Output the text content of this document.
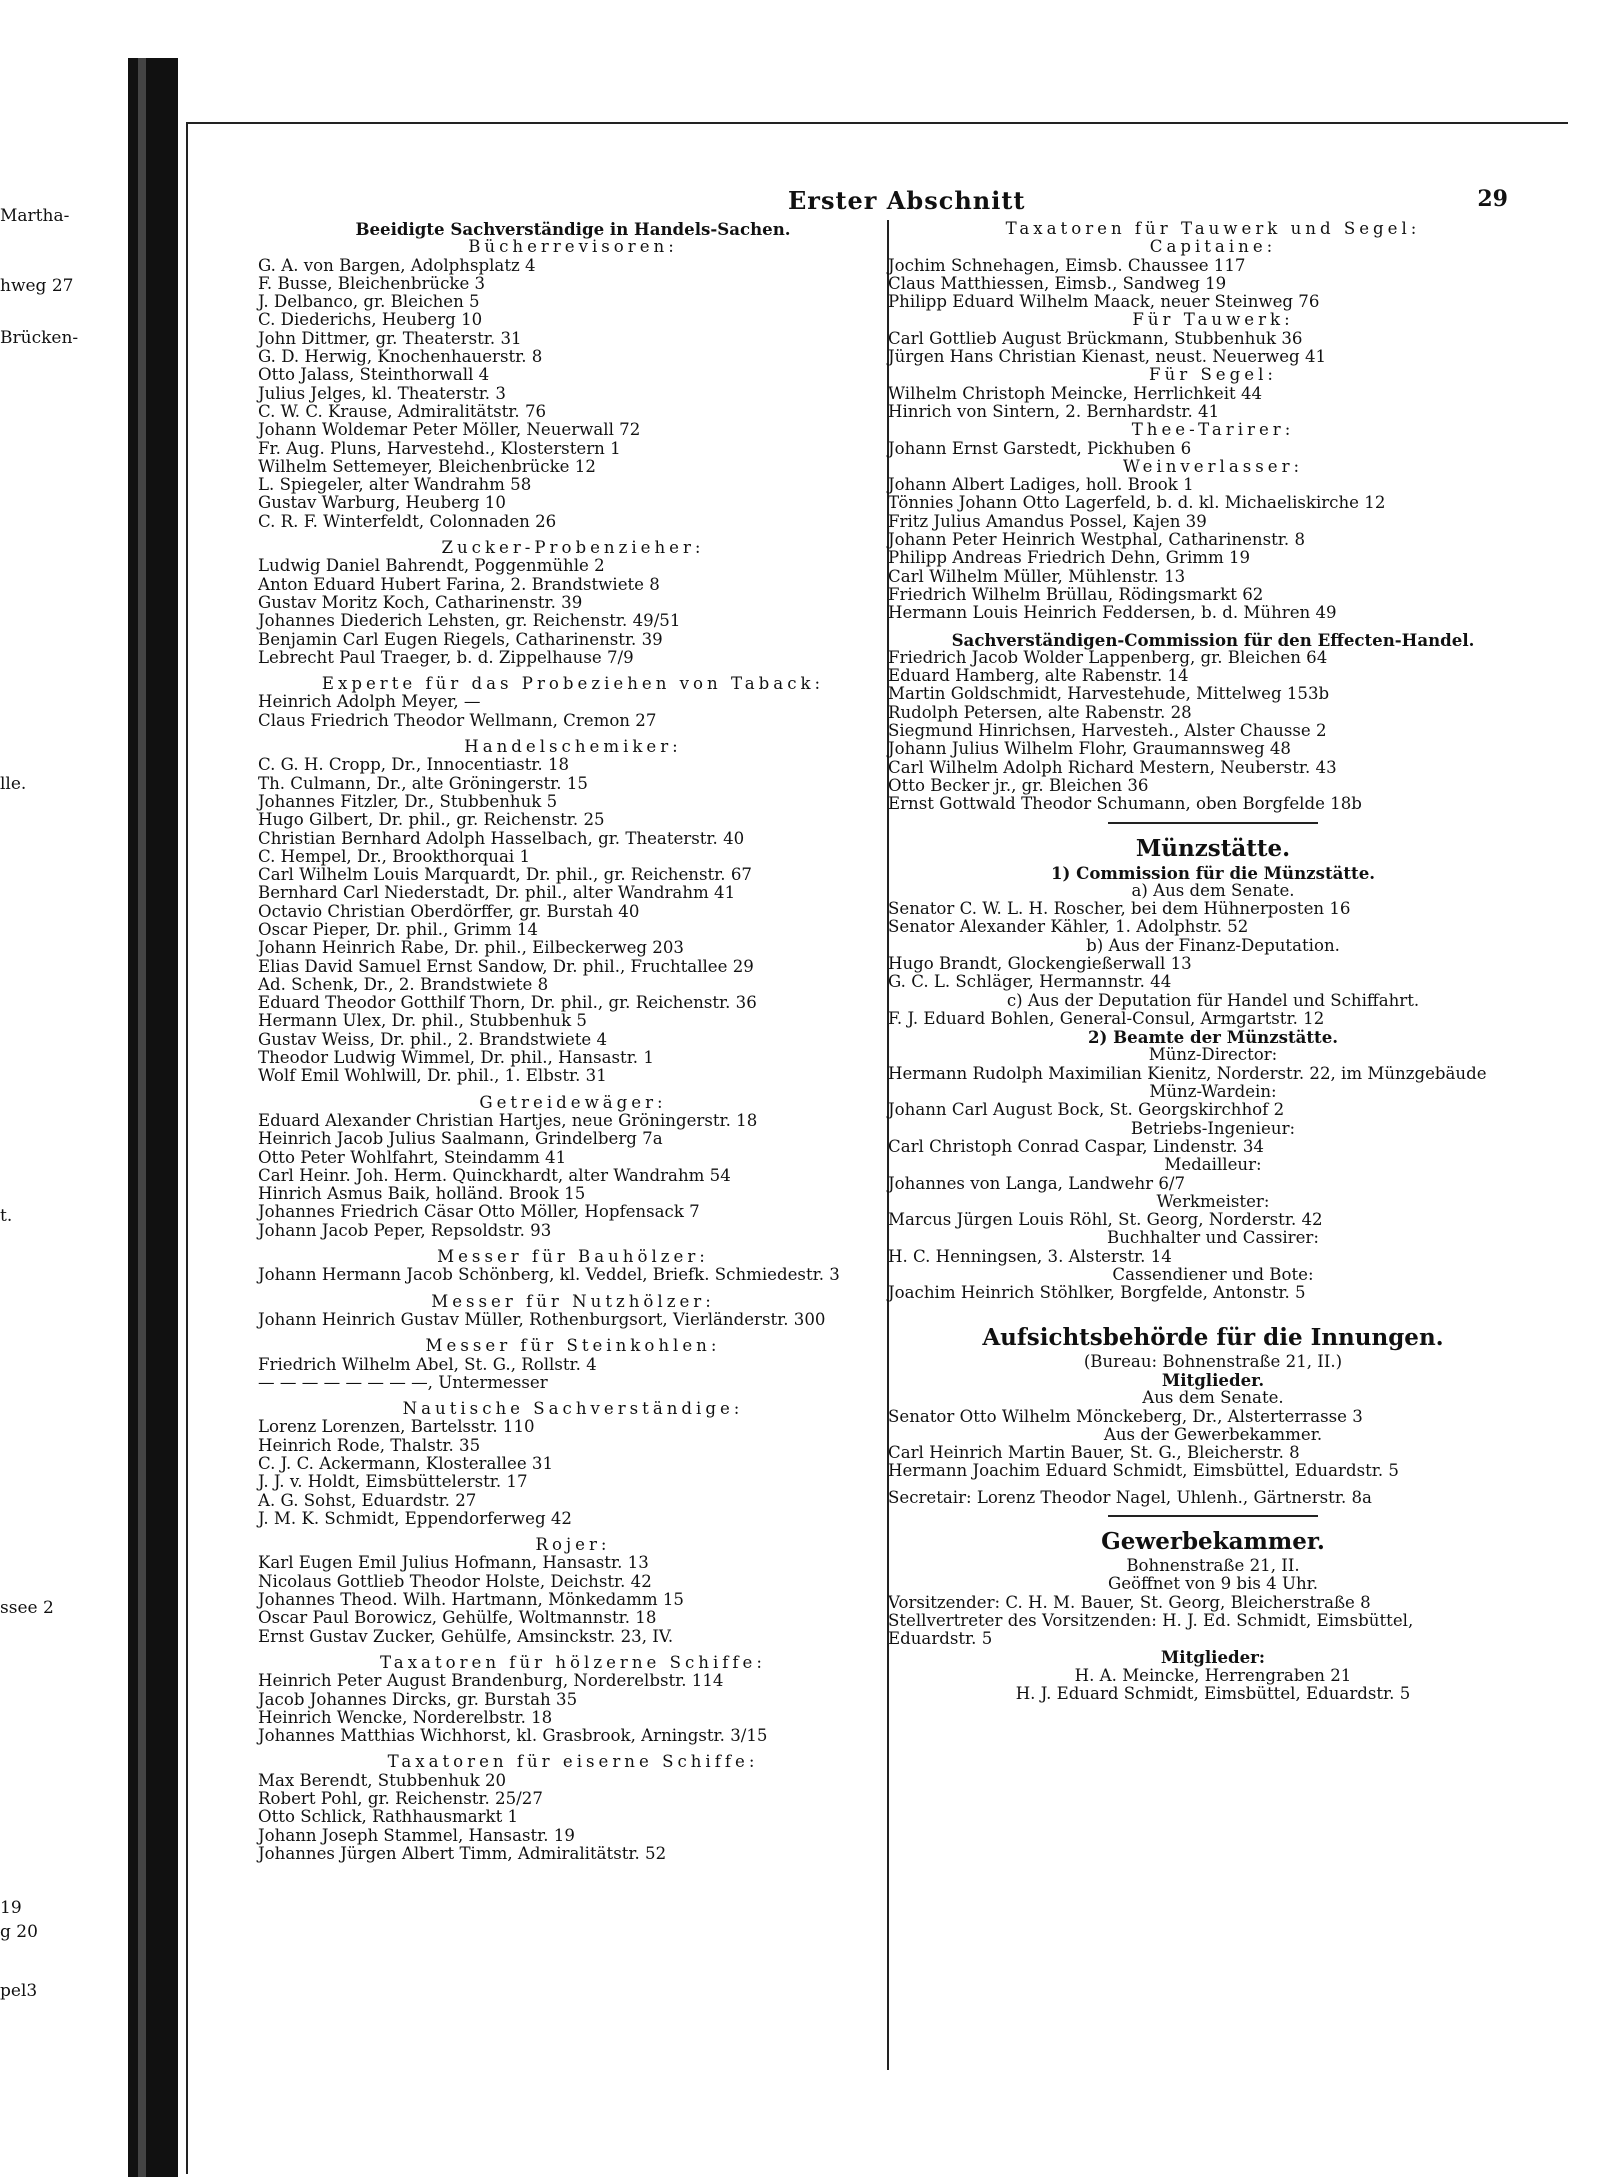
Martha-
hweg 27
Brücken-
lle.
t.
ssee 2
19
g 20
pel3
Erster Abschnitt	29
Beeidigte Sachverständige in Handels-Sachen.
Bücherrevisoren:
G. A. von Bargen, Adolphsplatz 4
F. Busse, Bleichenbrücke 3
J. Delbanco, gr. Bleichen 5
C. Diederichs, Heuberg 10
John Dittmer, gr. Theaterstr. 31
G. D. Herwig, Knochenhauerstr. 8
Otto Jalass, Steinthorwall 4
Julius Jelges, kl. Theaterstr. 3
C. W. C. Krause, Admiralitätstr. 76
Johann Woldemar Peter Möller, Neuerwall 72
Fr. Aug. Pluns, Harvestehd., Klosterstern 1
Wilhelm Settemeyer, Bleichenbrücke 12
L. Spiegeler, alter Wandrahm 58
Gustav Warburg, Heuberg 10
C. R. F. Winterfeldt, Colonnaden 26
Zucker-Probenzieher:
Ludwig Daniel Bahrendt, Poggenmühle 2
Anton Eduard Hubert Farina, 2. Brandstwiete 8
Gustav Moritz Koch, Catharinenstr. 39
Johannes Diederich Lehsten, gr. Reichenstr. 49/51
Benjamin Carl Eugen Riegels, Catharinenstr. 39
Lebrecht Paul Traeger, b. d. Zippelhause 7/9
Experte für das Probeziehen von Taback:
Heinrich Adolph Meyer, —
Claus Friedrich Theodor Wellmann, Cremon 27
Handelschemiker:
C. G. H. Cropp, Dr., Innocentiastr. 18
Th. Culmann, Dr., alte Gröningerstr. 15
Johannes Fitzler, Dr., Stubbenhuk 5
Hugo Gilbert, Dr. phil., gr. Reichenstr. 25
Christian Bernhard Adolph Hasselbach, gr. Theaterstr. 40
C. Hempel, Dr., Brookthorquai 1
Carl Wilhelm Louis Marquardt, Dr. phil., gr. Reichenstr. 67
Bernhard Carl Niederstadt, Dr. phil., alter Wandrahm 41
Octavio Christian Oberdörffer, gr. Burstah 40
Oscar Pieper, Dr. phil., Grimm 14
Johann Heinrich Rabe, Dr. phil., Eilbeckerweg 203
Elias David Samuel Ernst Sandow, Dr. phil., Fruchtallee 29
Ad. Schenk, Dr., 2. Brandstwiete 8
Eduard Theodor Gotthilf Thorn, Dr. phil., gr. Reichenstr. 36
Hermann Ulex, Dr. phil., Stubbenhuk 5
Gustav Weiss, Dr. phil., 2. Brandstwiete 4
Theodor Ludwig Wimmel, Dr. phil., Hansastr. 1
Wolf Emil Wohlwill, Dr. phil., 1. Elbstr. 31
Getreidewäger:
Eduard Alexander Christian Hartjes, neue Gröningerstr. 18
Heinrich Jacob Julius Saalmann, Grindelberg 7a
Otto Peter Wohlfahrt, Steindamm 41
Carl Heinr. Joh. Herm. Quinckhardt, alter Wandrahm 54
Hinrich Asmus Baik, holländ. Brook 15
Johannes Friedrich Cäsar Otto Möller, Hopfensack 7
Johann Jacob Peper, Repsoldstr. 93
Messer für Bauhölzer:
Johann Hermann Jacob Schönberg, kl. Veddel, Briefk. Schmiedestr. 3
Messer für Nutzhölzer:
Johann Heinrich Gustav Müller, Rothenburgsort, Vierländerstr. 300
Messer für Steinkohlen:
Friedrich Wilhelm Abel, St. G., Rollstr. 4
— — — — — — — —, Untermesser
Nautische Sachverständige:
Lorenz Lorenzen, Bartelsstr. 110
Heinrich Rode, Thalstr. 35
C. J. C. Ackermann, Klosterallee 31
J. J. v. Holdt, Eimsbüttelerstr. 17
A. G. Sohst, Eduardstr. 27
J. M. K. Schmidt, Eppendorferweg 42
Rojer:
Karl Eugen Emil Julius Hofmann, Hansastr. 13
Nicolaus Gottlieb Theodor Holste, Deichstr. 42
Johannes Theod. Wilh. Hartmann, Mönkedamm 15
Oscar Paul Borowicz, Gehülfe, Woltmannstr. 18
Ernst Gustav Zucker, Gehülfe, Amsinckstr. 23, IV.
Taxatoren für hölzerne Schiffe:
Heinrich Peter August Brandenburg, Norderelbstr. 114
Jacob Johannes Dircks, gr. Burstah 35
Heinrich Wencke, Norderelbstr. 18
Johannes Matthias Wichhorst, kl. Grasbrook, Arningstr. 3/15
Taxatoren für eiserne Schiffe:
Max Berendt, Stubbenhuk 20
Robert Pohl, gr. Reichenstr. 25/27
Otto Schlick, Rathhausmarkt 1
Johann Joseph Stammel, Hansastr. 19
Johannes Jürgen Albert Timm, Admiralitätstr. 52
Taxatoren für Tauwerk und Segel:
Capitaine:
Jochim Schnehagen, Eimsb. Chaussee 117
Claus Matthiessen, Eimsb., Sandweg 19
Philipp Eduard Wilhelm Maack, neuer Steinweg 76
Für Tauwerk:
Carl Gottlieb August Brückmann, Stubbenhuk 36
Jürgen Hans Christian Kienast, neust. Neuerweg 41
Für Segel:
Wilhelm Christoph Meincke, Herrlichkeit 44
Hinrich von Sintern, 2. Bernhardstr. 41
Thee-Tarirer:
Johann Ernst Garstedt, Pickhuben 6
Weinverlasser:
Johann Albert Ladiges, holl. Brook 1
Tönnies Johann Otto Lagerfeld, b. d. kl. Michaeliskirche 12
Fritz Julius Amandus Possel, Kajen 39
Johann Peter Heinrich Westphal, Catharinenstr. 8
Philipp Andreas Friedrich Dehn, Grimm 19
Carl Wilhelm Müller, Mühlenstr. 13
Friedrich Wilhelm Brüllau, Rödingsmarkt 62
Hermann Louis Heinrich Feddersen, b. d. Mühren 49
Sachverständigen-Commission für den Effecten-Handel.
Friedrich Jacob Wolder Lappenberg, gr. Bleichen 64
Eduard Hamberg, alte Rabenstr. 14
Martin Goldschmidt, Harvestehude, Mittelweg 153b
Rudolph Petersen, alte Rabenstr. 28
Siegmund Hinrichsen, Harvesteh., Alster Chausse 2
Johann Julius Wilhelm Flohr, Graumannsweg 48
Carl Wilhelm Adolph Richard Mestern, Neuberstr. 43
Otto Becker jr., gr. Bleichen 36
Ernst Gottwald Theodor Schumann, oben Borgfelde 18b
Münzstätte.
1) Commission für die Münzstätte.
a) Aus dem Senate.
Senator C. W. L. H. Roscher, bei dem Hühnerposten 16
Senator Alexander Kähler, 1. Adolphstr. 52
b) Aus der Finanz-Deputation.
Hugo Brandt, Glockengießerwall 13
G. C. L. Schläger, Hermannstr. 44
c) Aus der Deputation für Handel und Schiffahrt.
F. J. Eduard Bohlen, General-Consul, Armgartstr. 12
2) Beamte der Münzstätte.
Münz-Director:
Hermann Rudolph Maximilian Kienitz, Norderstr. 22, im Münzgebäude
Münz-Wardein:
Johann Carl August Bock, St. Georgskirchhof 2
Betriebs-Ingenieur:
Carl Christoph Conrad Caspar, Lindenstr. 34
Medailleur:
Johannes von Langa, Landwehr 6/7
Werkmeister:
Marcus Jürgen Louis Röhl, St. Georg, Norderstr. 42
Buchhalter und Cassirer:
H. C. Henningsen, 3. Alsterstr. 14
Cassendiener und Bote:
Joachim Heinrich Stöhlker, Borgfelde, Antonstr. 5
Aufsichtsbehörde für die Innungen.
(Bureau: Bohnenstraße 21, II.)
Mitglieder.
Aus dem Senate.
Senator Otto Wilhelm Mönckeberg, Dr., Alsterterrasse 3
Aus der Gewerbekammer.
Carl Heinrich Martin Bauer, St. G., Bleicherstr. 8
Hermann Joachim Eduard Schmidt, Eimsbüttel, Eduardstr. 5
Secretair: Lorenz Theodor Nagel, Uhlenh., Gärtnerstr. 8a
Gewerbekammer.
Bohnenstraße 21, II.
Geöffnet von 9 bis 4 Uhr.
Vorsitzender: C. H. M. Bauer, St. Georg, Bleicherstraße 8
Stellvertreter des Vorsitzenden: H. J. Ed. Schmidt, Eimsbüttel,
Eduardstr. 5
Mitglieder:
H. A. Meincke, Herrengraben 21
H. J. Eduard Schmidt, Eimsbüttel, Eduardstr. 5
